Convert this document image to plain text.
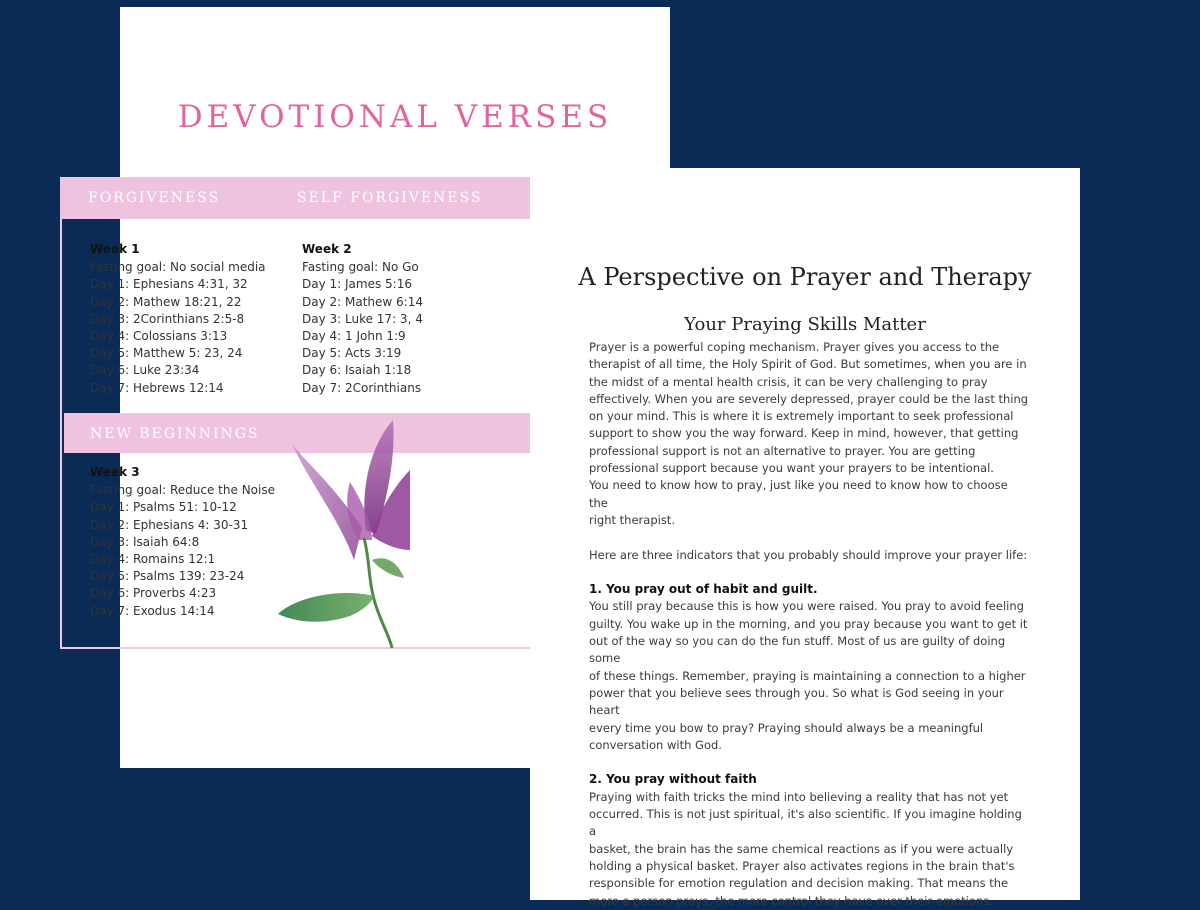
DEVOTIONAL VERSES
FORGIVENESS	SELF FORGIVENESS
NEW BEGINNINGS
Week 1
Fasting goal: No social media
Day 1: Ephesians 4:31, 32
Day 2: Mathew 18:21, 22
Day 3: 2Corinthians 2:5-8
Day 4: Colossians 3:13
Day 5: Matthew 5: 23, 24
Day 6: Luke 23:34
Day 7: Hebrews 12:14
Week 2
Fasting goal: No Go
Day 1: James 5:16
Day 2: Mathew 6:14
Day 3: Luke 17: 3, 4
Day 4: 1 John 1:9
Day 5: Acts 3:19
Day 6: Isaiah 1:18
Day 7: 2Corinthians
Week 3
Fasting goal: Reduce the Noise
Day 1: Psalms 51: 10-12
Day 2: Ephesians 4: 30-31
Day 3: Isaiah 64:8
Day 4: Romains 12:1
Day 5: Psalms 139: 23-24
Day 6: Proverbs 4:23
Day 7: Exodus 14:14
A Perspective on Prayer and Therapy
Your Praying Skills Matter

Prayer is a powerful coping mechanism. Prayer gives you access to the

therapist of all time, the Holy Spirit of God. But sometimes, when you are in

the midst of a mental health crisis, it can be very challenging to pray

effectively. When you are severely depressed, prayer could be the last thing

on your mind. This is where it is extremely important to seek professional

support to show you the way forward. Keep in mind, however, that getting

professional support is not an alternative to prayer. You are getting

professional support because you want your prayers to be intentional.

You need to know how to pray, just like you need to know how to choose the

right therapist.

Here are three indicators that you probably should improve your prayer life:

1. You pray out of habit and guilt.

You still pray because this is how you were raised. You pray to avoid feeling

guilty. You wake up in the morning, and you pray because you want to get it

out of the way so you can do the fun stuff. Most of us are guilty of doing some

of these things. Remember, praying is maintaining a connection to a higher

power that you believe sees through you. So what is God seeing in your heart

every time you bow to pray? Praying should always be a meaningful

conversation with God.

2. You pray without faith

Praying with faith tricks the mind into believing a reality that has not yet

occurred. This is not just spiritual, it's also scientific. If you imagine holding a

basket, the brain has the same chemical reactions as if you were actually

holding a physical basket. Prayer also activates regions in the brain that's

responsible for emotion regulation and decision making. That means the

more a person prays, the more control they have over their emotions.
